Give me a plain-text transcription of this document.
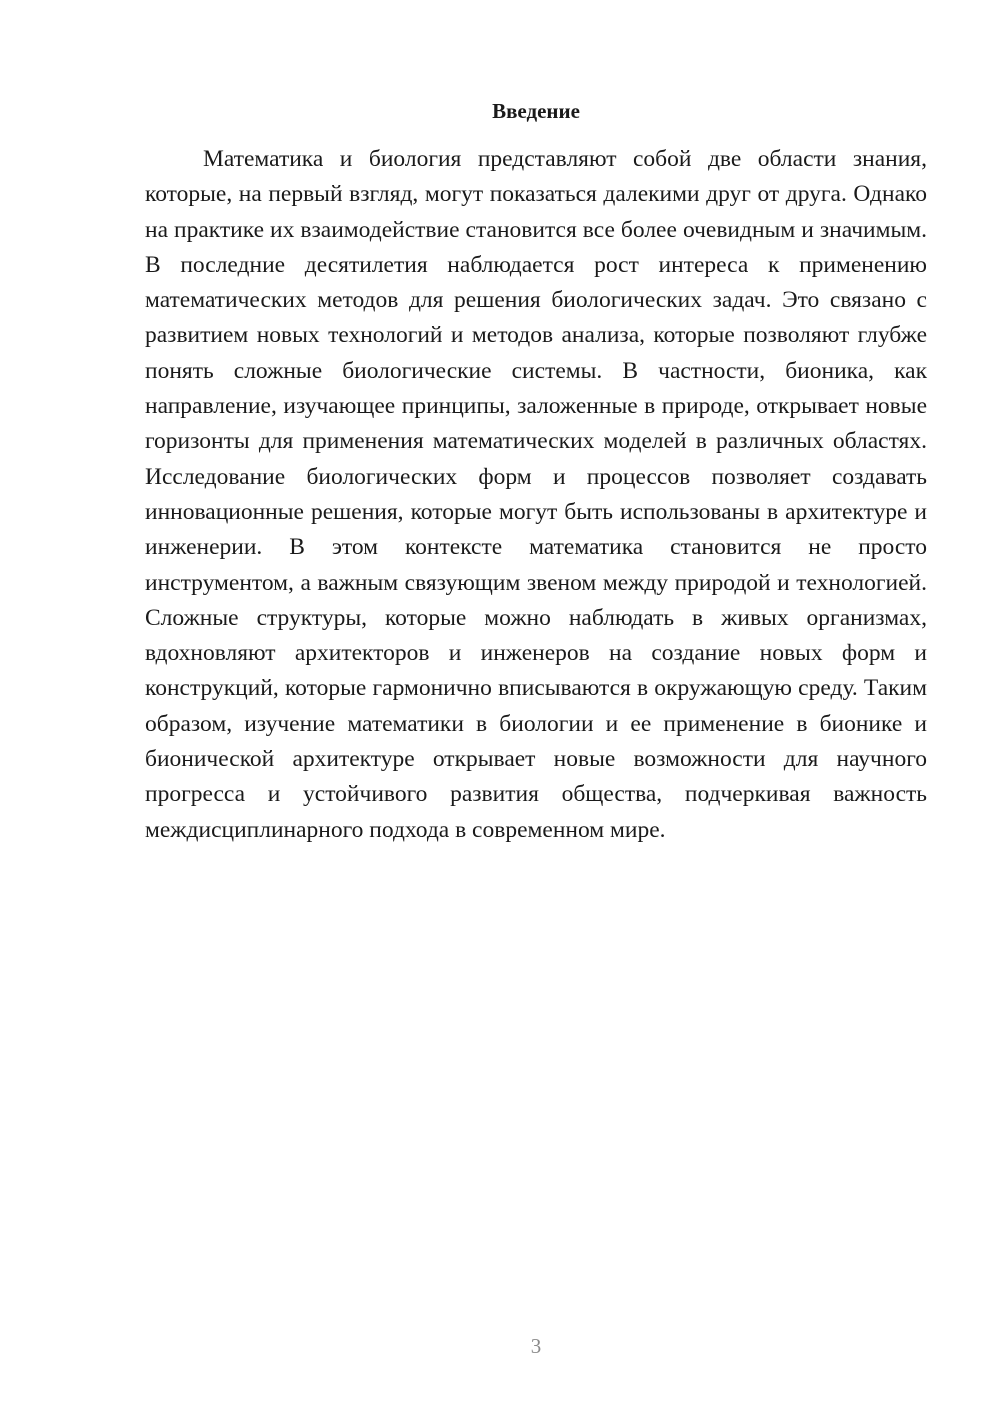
Введение

Математика и биология представляют собой две области знания, которые, на первый взгляд, могут показаться далекими друг от друга. Однако на практике их взаимодействие становится все более очевидным и значимым. В последние десятилетия наблюдается рост интереса к применению математических методов для решения биологических задач. Это связано с развитием новых технологий и методов анализа, которые позволяют глубже понять сложные биологические системы. В частности, бионика, как направление, изучающее принципы, заложенные в природе, открывает новые горизонты для применения математических моделей в различных областях. Исследование биологических форм и процессов позволяет создавать инновационные решения, которые могут быть использованы в архитектуре и инженерии. В этом контексте математика становится не просто инструментом, а важным связующим звеном между природой и технологией. Сложные структуры, которые можно наблюдать в живых организмах, вдохновляют архитекторов и инженеров на создание новых форм и конструкций, которые гармонично вписываются в окружающую среду. Таким образом, изучение математики в биологии и ее применение в бионике и бионической архитектуре открывает новые возможности для научного прогресса и устойчивого развития общества, подчеркивая важность междисциплинарного подхода в современном мире.

3
